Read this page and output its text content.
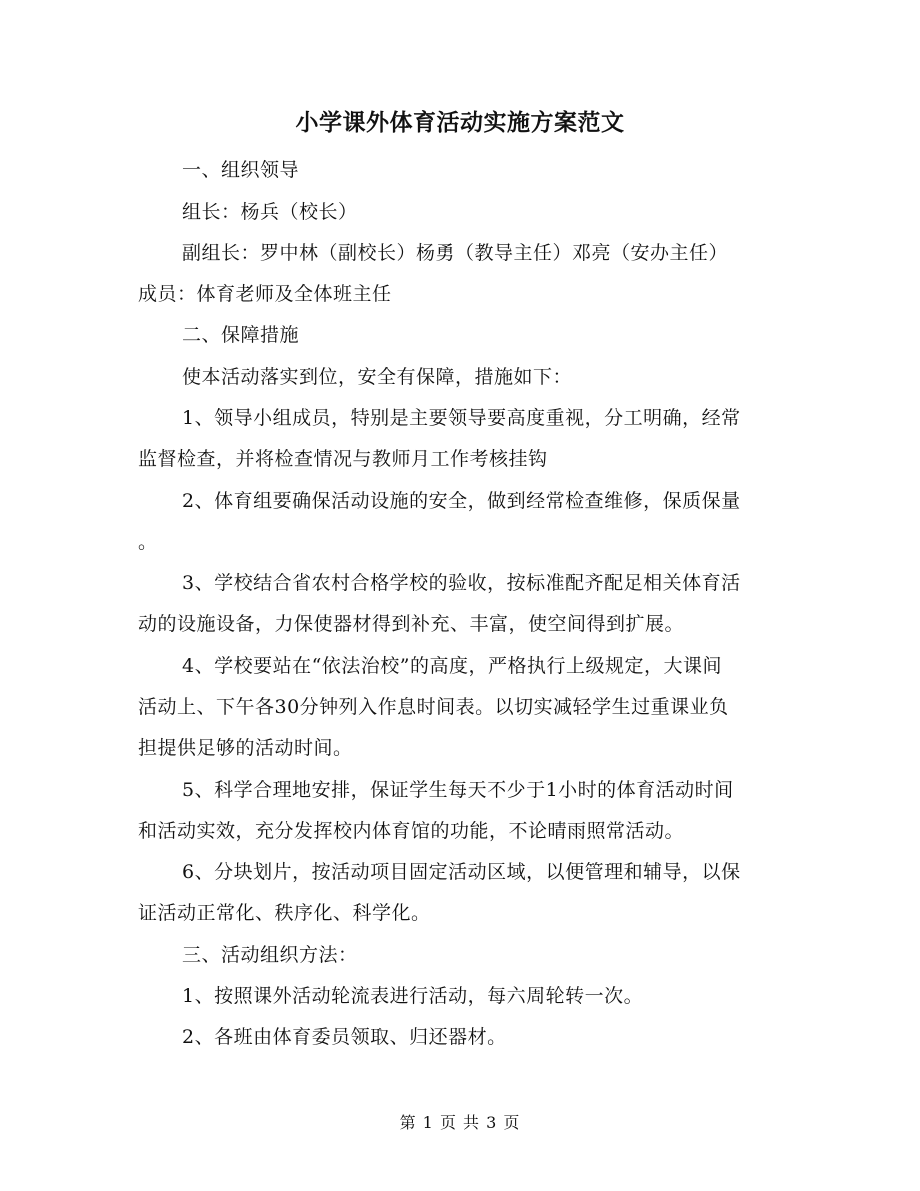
小学课外体育活动实施方案范文
一、组织领导
组长：杨兵（校长）
副组长：罗中林（副校长）杨勇（教导主任）邓亮（安办主任）
成员：体育老师及全体班主任
二、保障措施
使本活动落实到位，安全有保障，措施如下：
1、领导小组成员，特别是主要领导要高度重视，分工明确，经常
监督检查，并将检查情况与教师月工作考核挂钩
2、体育组要确保活动设施的安全，做到经常检查维修，保质保量
。
3、学校结合省农村合格学校的验收，按标准配齐配足相关体育活
动的设施设备，力保使器材得到补充、丰富，使空间得到扩展。
4、学校要站在“依法治校”的高度，严格执行上级规定，大课间
活动上、下午各30分钟列入作息时间表。以切实减轻学生过重课业负
担提供足够的活动时间。
5、科学合理地安排，保证学生每天不少于1小时的体育活动时间
和活动实效，充分发挥校内体育馆的功能，不论晴雨照常活动。
6、分块划片，按活动项目固定活动区域，以便管理和辅导，以保
证活动正常化、秩序化、科学化。
三、活动组织方法：
1、按照课外活动轮流表进行活动，每六周轮转一次。
2、各班由体育委员领取、归还器材。
第 1 页 共 3 页
